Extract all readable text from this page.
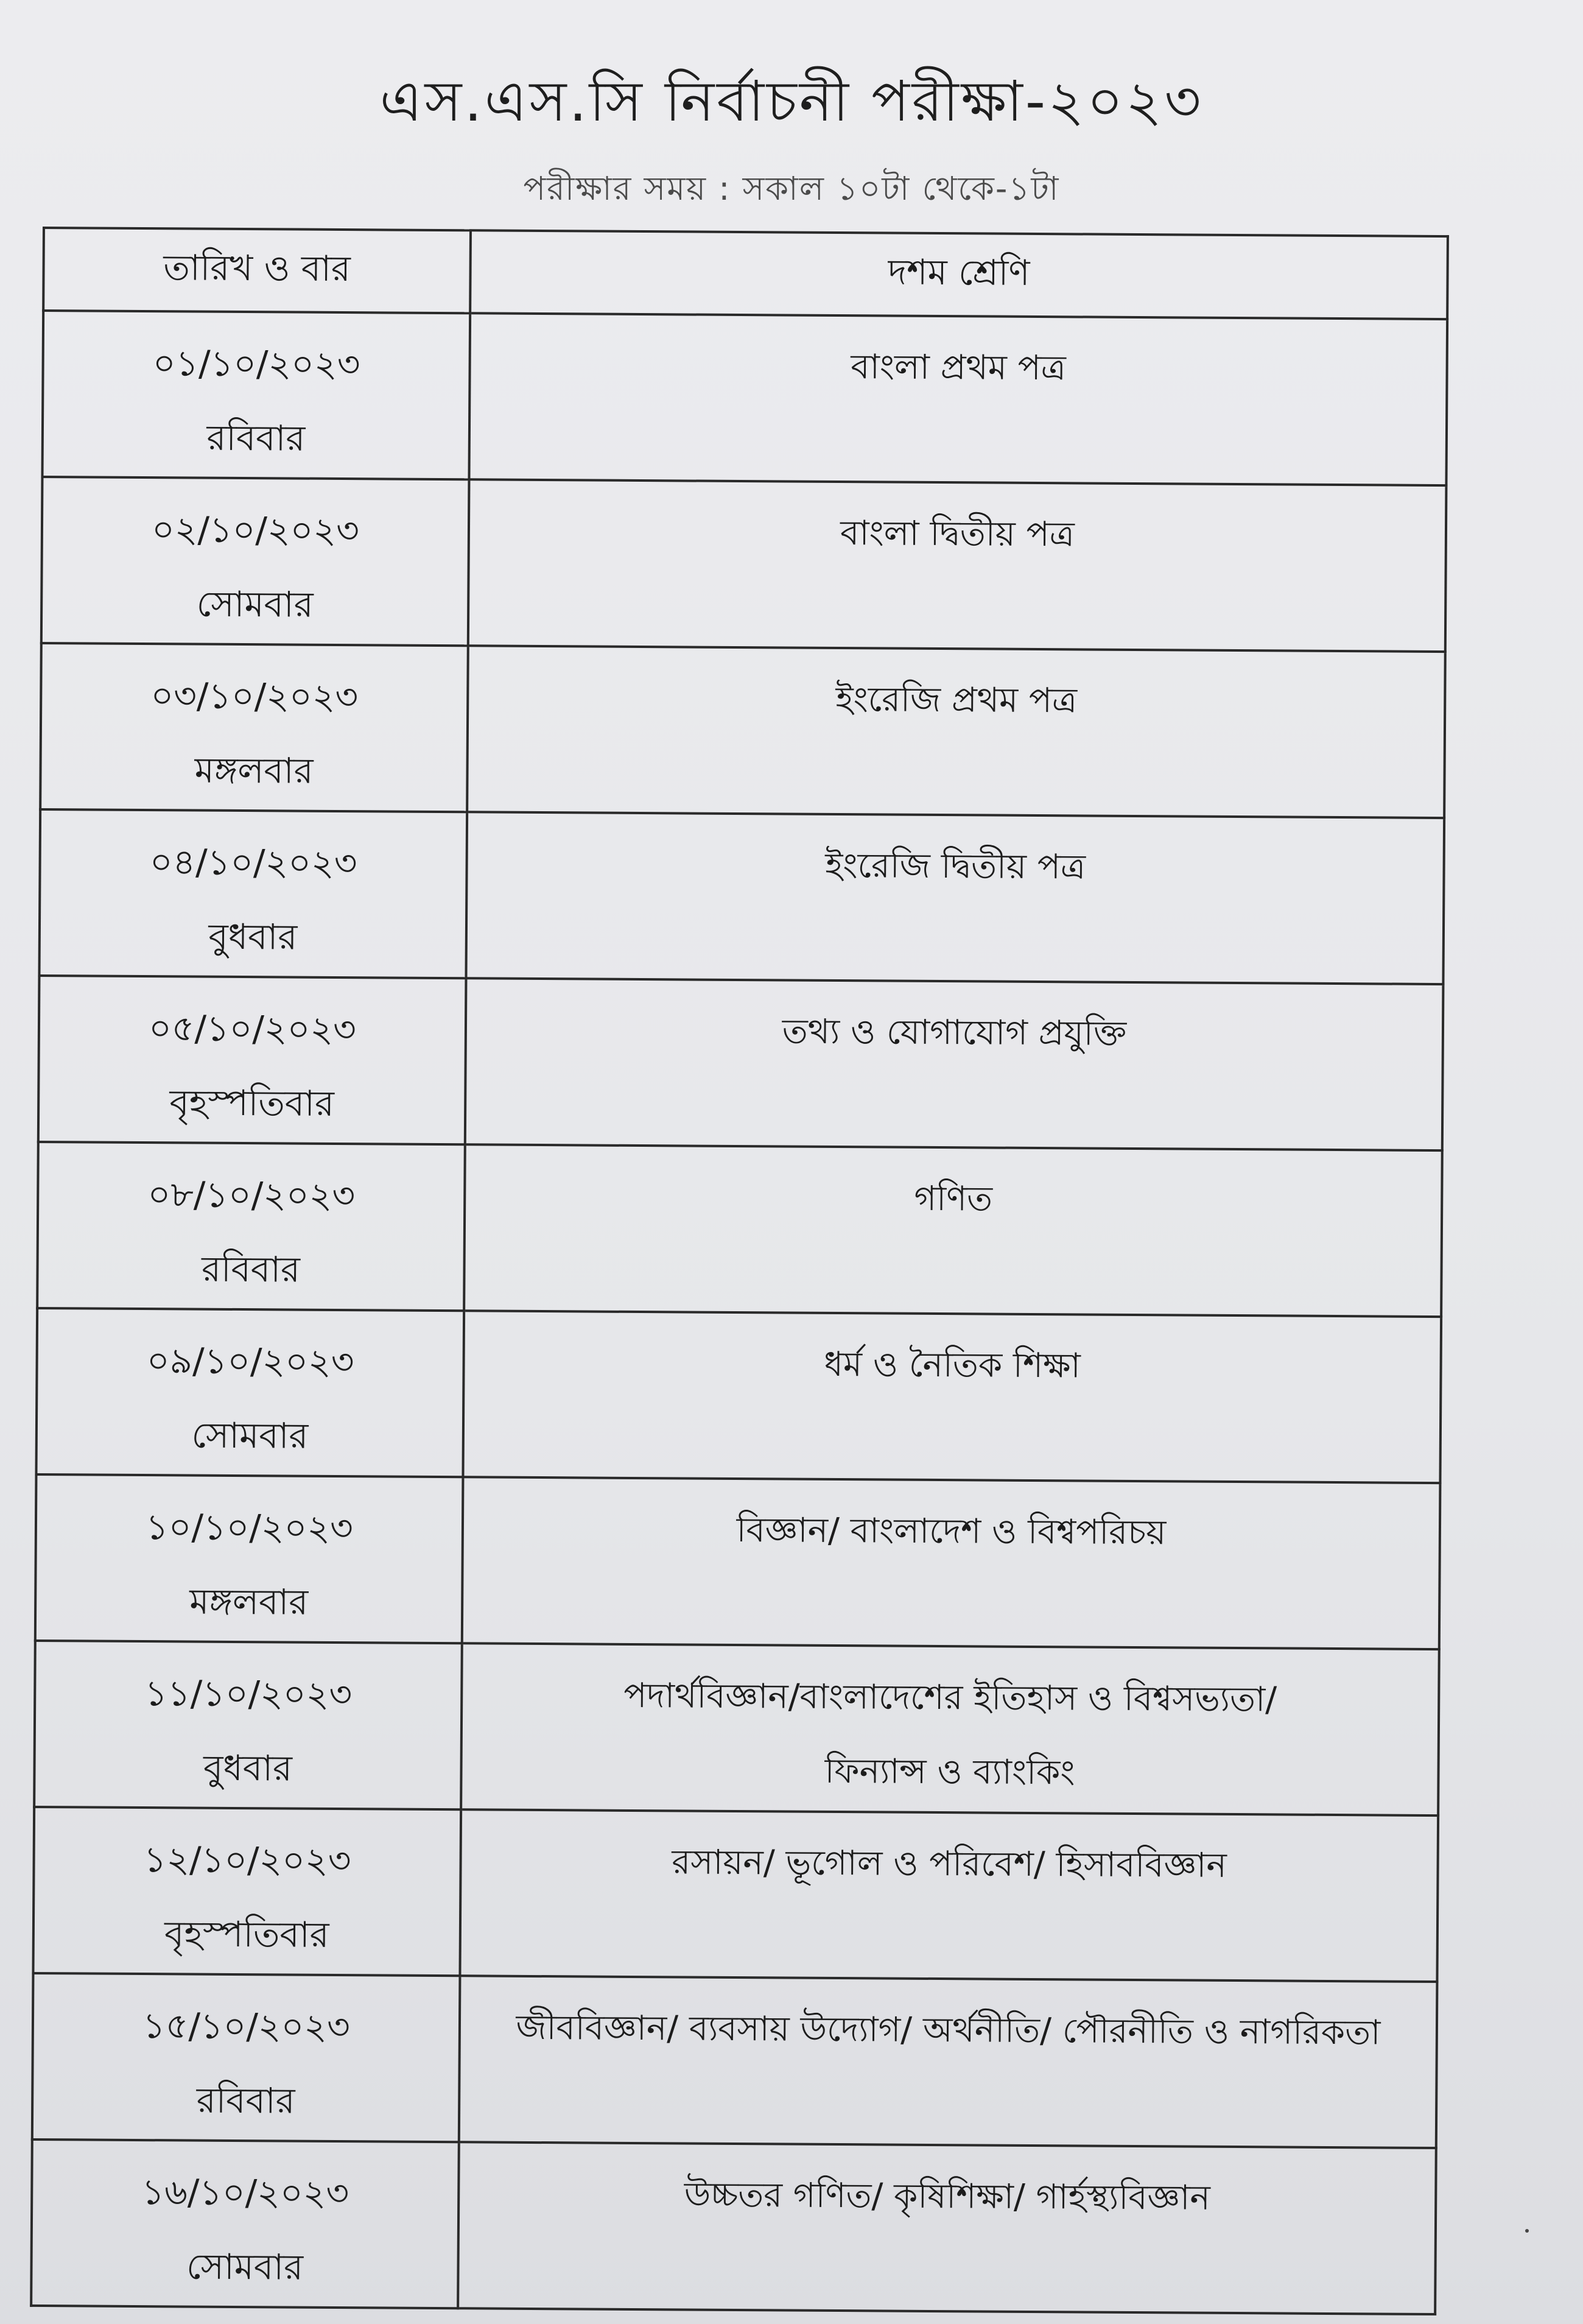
এস.এস.সি নির্বাচনী পরীক্ষা-২০২৩
পরীক্ষার সময় : সকাল ১০টা থেকে-১টা
তারিখ ও বার	দশম শ্রেণি

০১/১০/২০২৩
রবিবার	বাংলা প্রথম পত্র

০২/১০/২০২৩
সোমবার	বাংলা দ্বিতীয় পত্র

০৩/১০/২০২৩
মঙ্গলবার	ইংরেজি প্রথম পত্র

০৪/১০/২০২৩
বুধবার	ইংরেজি দ্বিতীয় পত্র

০৫/১০/২০২৩
বৃহস্পতিবার	তথ্য ও যোগাযোগ প্রযুক্তি

০৮/১০/২০২৩
রবিবার	গণিত

০৯/১০/২০২৩
সোমবার	ধর্ম ও নৈতিক শিক্ষা

১০/১০/২০২৩
মঙ্গলবার	বিজ্ঞান/ বাংলাদেশ ও বিশ্বপরিচয়

১১/১০/২০২৩
বুধবার	পদার্থবিজ্ঞান/বাংলাদেশের ইতিহাস ও বিশ্বসভ্যতা/
ফিন্যান্স ও ব্যাংকিং

১২/১০/২০২৩
বৃহস্পতিবার	রসায়ন/ ভূগোল ও পরিবেশ/ হিসাববিজ্ঞান

১৫/১০/২০২৩
রবিবার	জীববিজ্ঞান/ ব্যবসায় উদ্যোগ/ অর্থনীতি/ পৌরনীতি ও নাগরিকতা

১৬/১০/২০২৩
সোমবার	উচ্চতর গণিত/ কৃষিশিক্ষা/ গার্হস্থ্যবিজ্ঞান
